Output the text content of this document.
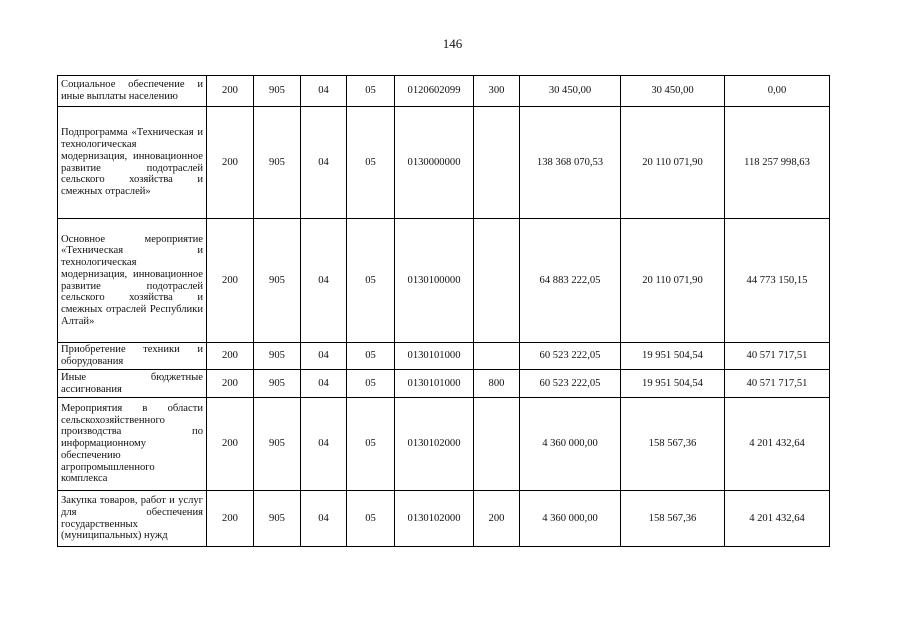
146
Социальное обеспечение и иные выплаты населению	200	905	04	05	0120602099	300	30 450,00	30 450,00	0,00
Подпрограмма «Техническая и технологическая модернизация, инновационное развитие подотраслей сельского хозяйства и смежных отраслей»	200	905	04	05	0130000000		138 368 070,53	20 110 071,90	118 257 998,63
Основное мероприятие «Техническая и технологическая модернизация, инновационное развитие подотраслей сельского хозяйства и смежных отраслей Республики Алтай»	200	905	04	05	0130100000		64 883 222,05	20 110 071,90	44 773 150,15
Приобретение техники и оборудования	200	905	04	05	0130101000		60 523 222,05	19 951 504,54	40 571 717,51
Иные бюджетные ассигнования	200	905	04	05	0130101000	800	60 523 222,05	19 951 504,54	40 571 717,51
Мероприятия в области сельскохозяйственного производства по информационному обеспечению агропромышленного комплекса	200	905	04	05	0130102000		4 360 000,00	158 567,36	4 201 432,64
Закупка товаров, работ и услуг для обеспечения государственных (муниципальных) нужд	200	905	04	05	0130102000	200	4 360 000,00	158 567,36	4 201 432,64
